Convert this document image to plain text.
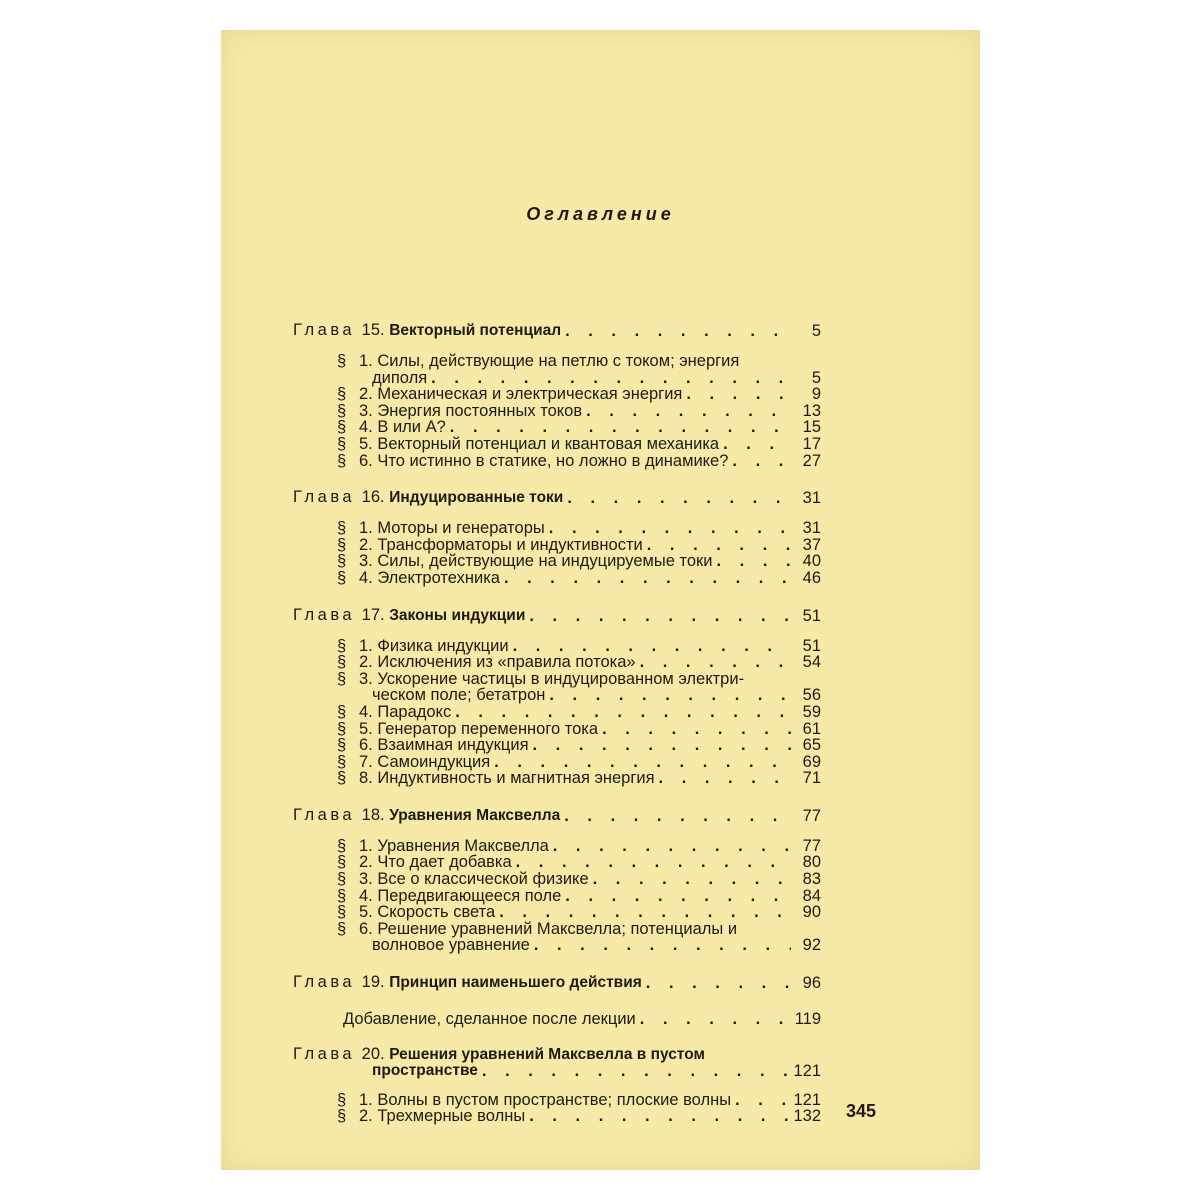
Оглавление
Глава 15. Векторный потенциал . . .	5
§ 1. Силы, действующие на петлю с током; энергия
диполя . . .	5
§ 2. Механическая и электрическая энергия . . .	9
§ 3. Энергия постоянных токов . . .	13
§ 4. B или A? . . .	15
§ 5. Векторный потенциал и квантовая механика . . .	17
§ 6. Что истинно в статике, но ложно в динамике? . . .	27
Глава 16. Индуцированные токи . . .	31
§ 1. Моторы и генераторы . . .	31
§ 2. Трансформаторы и индуктивности . . .	37
§ 3. Силы, действующие на индуцируемые токи . . .	40
§ 4. Электротехника . . .	46
Глава 17. Законы индукции . . .	51
§ 1. Физика индукции . . .	51
§ 2. Исключения из «правила потока» . . .	54
§ 3. Ускорение частицы в индуцированном электри-
ческом поле; бетатрон . . .	56
§ 4. Парадокс . . .	59
§ 5. Генератор переменного тока . . .	61
§ 6. Взаимная индукция . . .	65
§ 7. Самоиндукция . . .	69
§ 8. Индуктивность и магнитная энергия . . .	71
Глава 18. Уравнения Максвелла . . .	77
§ 1. Уравнения Максвелла . . .	77
§ 2. Что дает добавка . . .	80
§ 3. Все о классической физике . . .	83
§ 4. Передвигающееся поле . . .	84
§ 5. Скорость света . . .	90
§ 6. Решение уравнений Максвелла; потенциалы и
волновое уравнение . . .	92
Глава 19. Принцип наименьшего действия . . .	96
Добавление, сделанное после лекции . . .	119
Глава 20. Решения уравнений Максвелла в пустом
пространстве . . .	121
§ 1. Волны в пустом пространстве; плоские волны . . .	121
§ 2. Трехмерные волны . . .	132 345
